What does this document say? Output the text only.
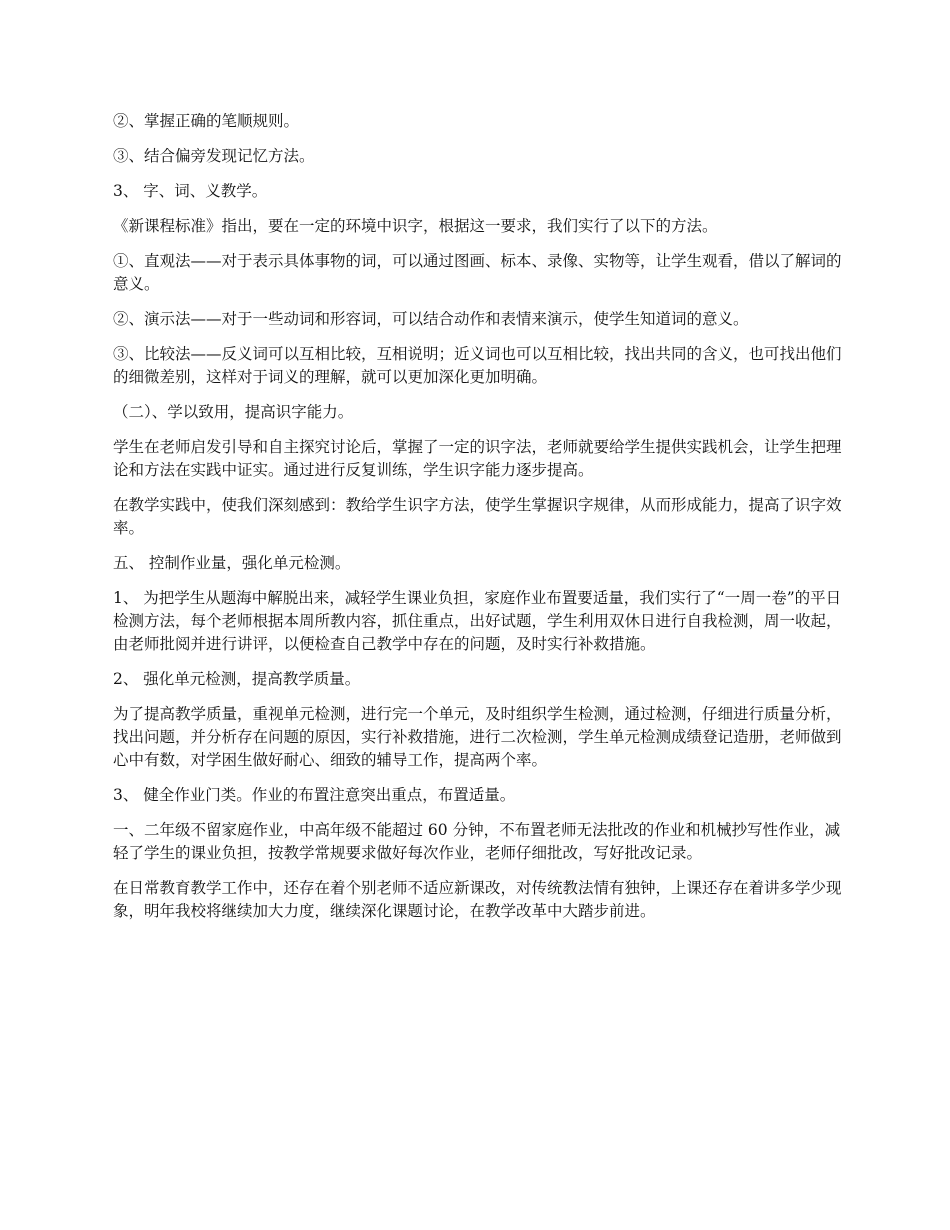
②、掌握正确的笔顺规则。

③、结合偏旁发现记忆方法。

3、 字、词、义教学。

《新课程标准》指出，要在一定的环境中识字，根据这一要求，我们实行了以下的方法。

①、直观法——对于表示具体事物的词，可以通过图画、标本、录像、实物等，让学生观看，借以了解词的意义。

②、演示法——对于一些动词和形容词，可以结合动作和表情来演示，使学生知道词的意义。

③、比较法——反义词可以互相比较，互相说明；近义词也可以互相比较，找出共同的含义，也可找出他们的细微差别，这样对于词义的理解，就可以更加深化更加明确。

（二）、学以致用，提高识字能力。

学生在老师启发引导和自主探究讨论后，掌握了一定的识字法，老师就要给学生提供实践机会，让学生把理论和方法在实践中证实。通过进行反复训练，学生识字能力逐步提高。

在教学实践中，使我们深刻感到：教给学生识字方法，使学生掌握识字规律，从而形成能力，提高了识字效率。

五、 控制作业量，强化单元检测。

1、 为把学生从题海中解脱出来，减轻学生课业负担，家庭作业布置要适量，我们实行了“一周一卷”的平日检测方法，每个老师根据本周所教内容，抓住重点，出好试题，学生利用双休日进行自我检测，周一收起，由老师批阅并进行讲评，以便检查自己教学中存在的问题，及时实行补救措施。

2、 强化单元检测，提高教学质量。

为了提高教学质量，重视单元检测，进行完一个单元，及时组织学生检测，通过检测，仔细进行质量分析，找出问题，并分析存在问题的原因，实行补救措施，进行二次检测，学生单元检测成绩登记造册，老师做到心中有数，对学困生做好耐心、细致的辅导工作，提高两个率。

3、 健全作业门类。作业的布置注意突出重点，布置适量。

一、二年级不留家庭作业，中高年级不能超过 60 分钟，不布置老师无法批改的作业和机械抄写性作业，减轻了学生的课业负担，按教学常规要求做好每次作业，老师仔细批改，写好批改记录。

在日常教育教学工作中，还存在着个别老师不适应新课改，对传统教法情有独钟，上课还存在着讲多学少现象，明年我校将继续加大力度，继续深化课题讨论，在教学改革中大踏步前进。
